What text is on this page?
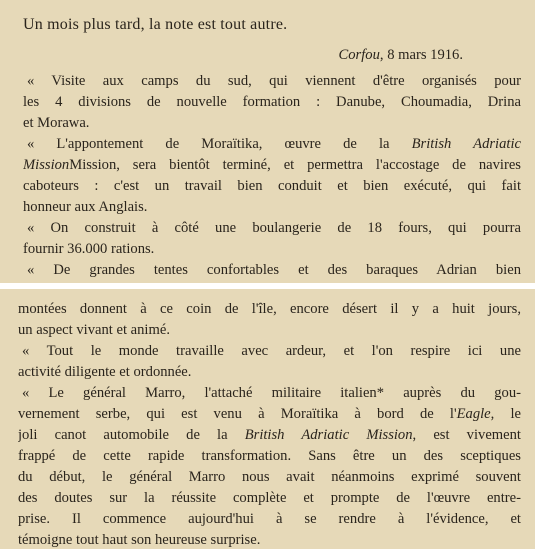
Un mois plus tard, la note est tout autre.
Corfou, 8 mars 1916.
« Visite aux camps du sud, qui viennent d'être organisés pour
les 4 divisions de nouvelle formation : Danube, Choumadia, Drina
et Morawa.
« L'appontement de Moraïtika, œuvre de la British Adriatic
MissionMission, sera bientôt terminé, et permettra l'accostage de navires
caboteurs : c'est un travail bien conduit et bien exécuté, qui fait
honneur aux Anglais.
« On construit à côté une boulangerie de 18 fours, qui pourra
fournir 36.000 rations.
« De grandes tentes confortables et des baraques Adrian bien
montées donnent à ce coin de l'île, encore désert il y a huit jours,
un aspect vivant et animé.
« Tout le monde travaille avec ardeur, et l'on respire ici une
activité diligente et ordonnée.
« Le général Marro, l'attaché militaire italien* auprès du gou-
vernement serbe, qui est venu à Moraïtika à bord de l'Eagle, le
joli canot automobile de la British Adriatic Mission, est vivement
frappé de cette rapide transformation. Sans être un des sceptiques
du début, le général Marro nous avait néanmoins exprimé souvent
des doutes sur la réussite complète et prompte de l'œuvre entre-
prise. Il commence aujourd'hui à se rendre à l'évidence, et
témoigne tout haut son heureuse surprise.
